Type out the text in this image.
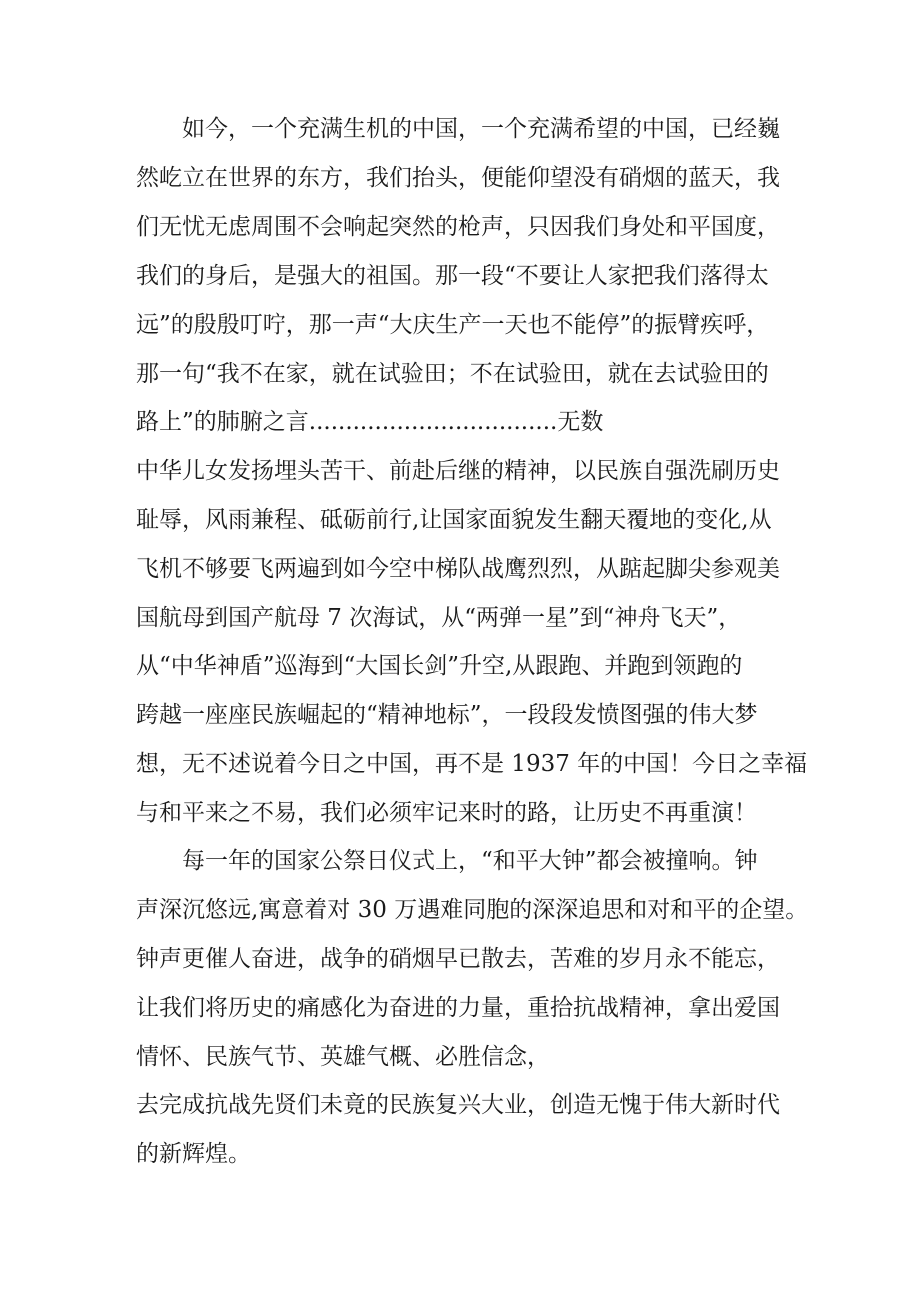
如今，一个充满生机的中国，一个充满希望的中国，已经巍
然屹立在世界的东方，我们抬头，便能仰望没有硝烟的蓝天，我
们无忧无虑周围不会响起突然的枪声，只因我们身处和平国度，
我们的身后，是强大的祖国。那一段“不要让人家把我们落得太
远”的殷殷叮咛，那一声“大庆生产一天也不能停”的振臂疾呼，
那一句“我不在家，就在试验田；不在试验田，就在去试验田的
路上”的肺腑之言..................................无数
中华儿女发扬埋头苦干、前赴后继的精神，以民族自强洗刷历史
耻辱，风雨兼程、砥砺前行,让国家面貌发生翻天覆地的变化,从
飞机不够要飞两遍到如今空中梯队战鹰烈烈，从踮起脚尖参观美
国航母到国产航母 7 次海试，从“两弹一星”到“神舟飞天”，
从“中华神盾”巡海到“大国长剑”升空,从跟跑、并跑到领跑的
跨越一座座民族崛起的“精神地标”，一段段发愤图强的伟大梦
想，无不述说着今日之中国，再不是 1937 年的中国！今日之幸福
与和平来之不易，我们必须牢记来时的路，让历史不再重演！
每一年的国家公祭日仪式上，“和平大钟”都会被撞响。钟
声深沉悠远,寓意着对 30 万遇难同胞的深深追思和对和平的企望。
钟声更催人奋进，战争的硝烟早已散去，苦难的岁月永不能忘，
让我们将历史的痛感化为奋进的力量，重拾抗战精神，拿出爱国
情怀、民族气节、英雄气概、必胜信念，
去完成抗战先贤们未竟的民族复兴大业，创造无愧于伟大新时代
的新辉煌。
